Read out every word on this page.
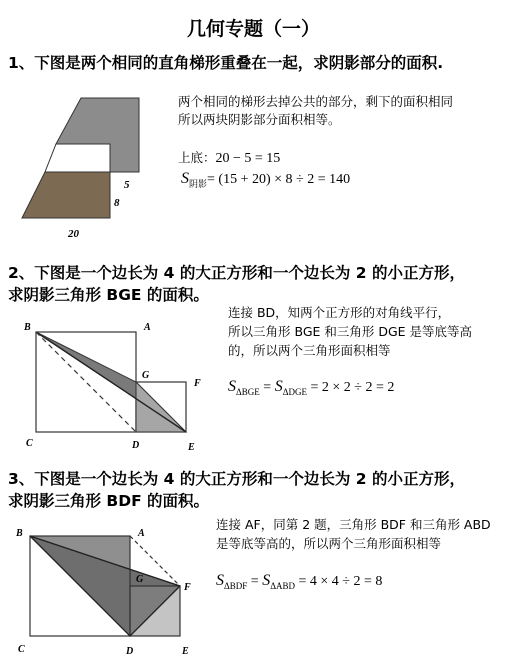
几何专题（一）
1、下图是两个相同的直角梯形重叠在一起，求阴影部分的面积.
5
8
20
两个相同的梯形去掉公共的部分，剩下的面积相同
所以两块阴影部分面积相等。
上底：20 − 5 = 15
$S_{阴影}= (15 + 20) \times 8 \div 2 = 140$
2、下图是一个边长为 4 的大正方形和一个边长为 2 的小正方形，
求阴影三角形 BGE 的面积。
B	A
G
F
C	D	E
连接 BD，知两个正方形的对角线平行，
所以三角形 BGE 和三角形 DGE 是等底等高
的，所以两个三角形面积相等
$S_{\Delta BGE} = S_{\Delta DGE} = 2 \times 2 \div 2 = 2$
3、下图是一个边长为 4 的大正方形和一个边长为 2 的小正方形，
求阴影三角形 BDF 的面积。
B	A
G
F
C	D	E
连接 AF，同第 2 题，三角形 BDF 和三角形 ABD
是等底等高的，所以两个三角形面积相等
$S_{\Delta BDF} = S_{\Delta ABD} = 4 \times 4 \div 2 = 8$
